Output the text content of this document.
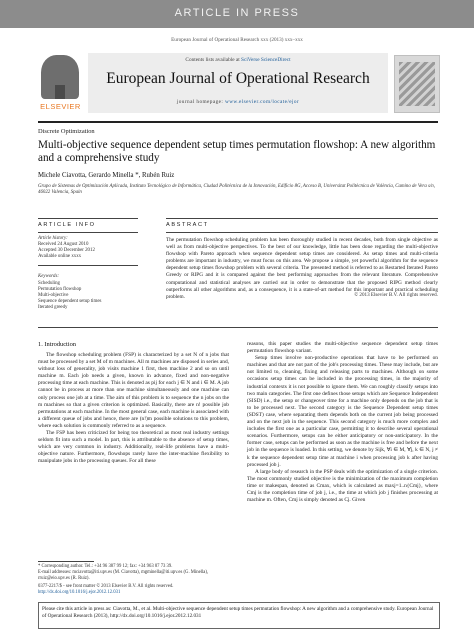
ARTICLE IN PRESS
European Journal of Operational Research xxx (2013) xxx–xxx
ELSEVIER
Contents lists available at SciVerse ScienceDirect
European Journal of Operational Research
journal homepage: www.elsevier.com/locate/ejor
Discrete Optimization
Multi-objective sequence dependent setup times permutation flowshop: A new algorithm and a comprehensive study
Michele Ciavotta, Gerardo Minella *, Rubén Ruiz
Grupo de Sistemas de Optimización Aplicada, Instituto Tecnológico de Informática, Ciudad Politécnica de la Innovación, Edificio 8G, Acceso B, Universitat Politècnica de València, Camino de Vera s/n, 46022 Valencia, Spain
ARTICLE INFO
Article history:
Received 24 August 2010
Accepted 30 December 2012
Available online xxxx
Keywords:
Scheduling
Permutation flowshop
Multi-objective
Sequence dependent setup times
Iterated greedy
ABSTRACT
The permutation flowshop scheduling problem has been thoroughly studied in recent decades, both from single objective as well as from multi-objective perspectives. To the best of our knowledge, little has been done regarding the multi-objective flowshop with Pareto approach when sequence dependent setup times are considered. As setup times and multi-criteria problems are important in industry, we must focus on this area. We propose a simple, yet powerful algorithm for the sequence dependent setup times flowshop problem with several criteria. The presented method is referred to as Restarted Iterated Pareto Greedy or RIPG and it is compared against the best performing approaches from the relevant literature. Comprehensive computational and statistical analyses are carried out in order to demonstrate that the proposed RIPG method clearly outperforms all other algorithms and, as a consequence, it is a state-of-art method for this important and practical scheduling problem.	© 2013 Elsevier B.V. All rights reserved.
1. Introduction

The flowshop scheduling problem (FSP) is characterized by a set N of n jobs that must be processed by a set M of m machines. All m machines are disposed in series and, without loss of generality, job visits machine 1 first, then machine 2 and so on until machine m. Each job needs a given, known in advance, fixed and non-negative processing time at each machine. This is denoted as pij for each j ∈ N and i ∈ M. A job cannot be in process at more than one machine simultaneously and one machine can only process one job at a time. The aim of this problem is to sequence the n jobs on the m machines so that a given criterion is optimized. Basically, there are n! possible job permutations at each machine. In the most general case, each machine is associated with a different queue of jobs and hence, there are (n!)m possible solutions to this problem, where each solution is commonly referred to as a sequence.

The FSP has been criticized for being too theoretical as most real industry settings seldom fit into such a model. In part, this is attributable to the absence of setup times, which are very common in industry. Additionally, real-life problems have a multi-objective nature. Furthermore, flowshops rarely have the inter-machine flexibility to manipulate jobs in the processing queues. For all these

reasons, this paper studies the multi-objective sequence dependent setup times permutation flowshop variant.

Setup times involve non-productive operations that have to be performed on machines and that are not part of the job's processing times. These may include, but are not limited to, cleaning, fixing and releasing parts to machines. Although on some occasions setup times can be included in the processing times, in the majority of industrial contexts it is not possible to ignore them. We can roughly classify setups into two main categories. The first one defines those setups which are Sequence Independent (SISD) i.e., the setup or changeover time for a machine only depends on the job that is to be processed next. The second category is the Sequence Dependent setup times (SDST) case, where separating them depends both on the current job being processed and on the next job in the sequence. This second category is much more complex and includes the first one as a particular case, permitting it to describe several operational scenarios. Furthermore, setups can be either anticipatory or non-anticipatory. In the former case, setups can be performed as soon as the machine is free and before the next job in the sequence is loaded. In this setting, we denote by Sijk, ∀i ∈ M, ∀j, k ∈ N, j ≠ k the sequence dependent setup time at machine i when processing job k after having processed job j.

A large body of research in the PSP deals with the optimization of a single criterion. The most commonly studied objective is the minimization of the maximum completion time or makespan, denoted as Cmax, which is calculated as maxj=1..n{Cmj}, where Cmj is the completion time of job j, i.e., the time at which job j finishes processing at machine m. Often, Cmj is simply denoted as Cj. Given

* Corresponding author. Tel.: +34 96 387 99 12; fax: +34 963 87 73 39.
E-mail addresses: mciavotta@iti.upv.es (M. Ciavotta), mgminella@iti.upv.es (G. Minella), rruiz@eio.upv.es (R. Ruiz).
0377-2217/$ - see front matter © 2013 Elsevier B.V. All rights reserved.
http://dx.doi.org/10.1016/j.ejor.2012.12.031
Please cite this article in press as: Ciavotta, M., et al. Multi-objective sequence dependent setup times permutation flowshop: A new algorithm and a comprehensive study. European Journal of Operational Research (2013), http://dx.doi.org/10.1016/j.ejor.2012.12.031
